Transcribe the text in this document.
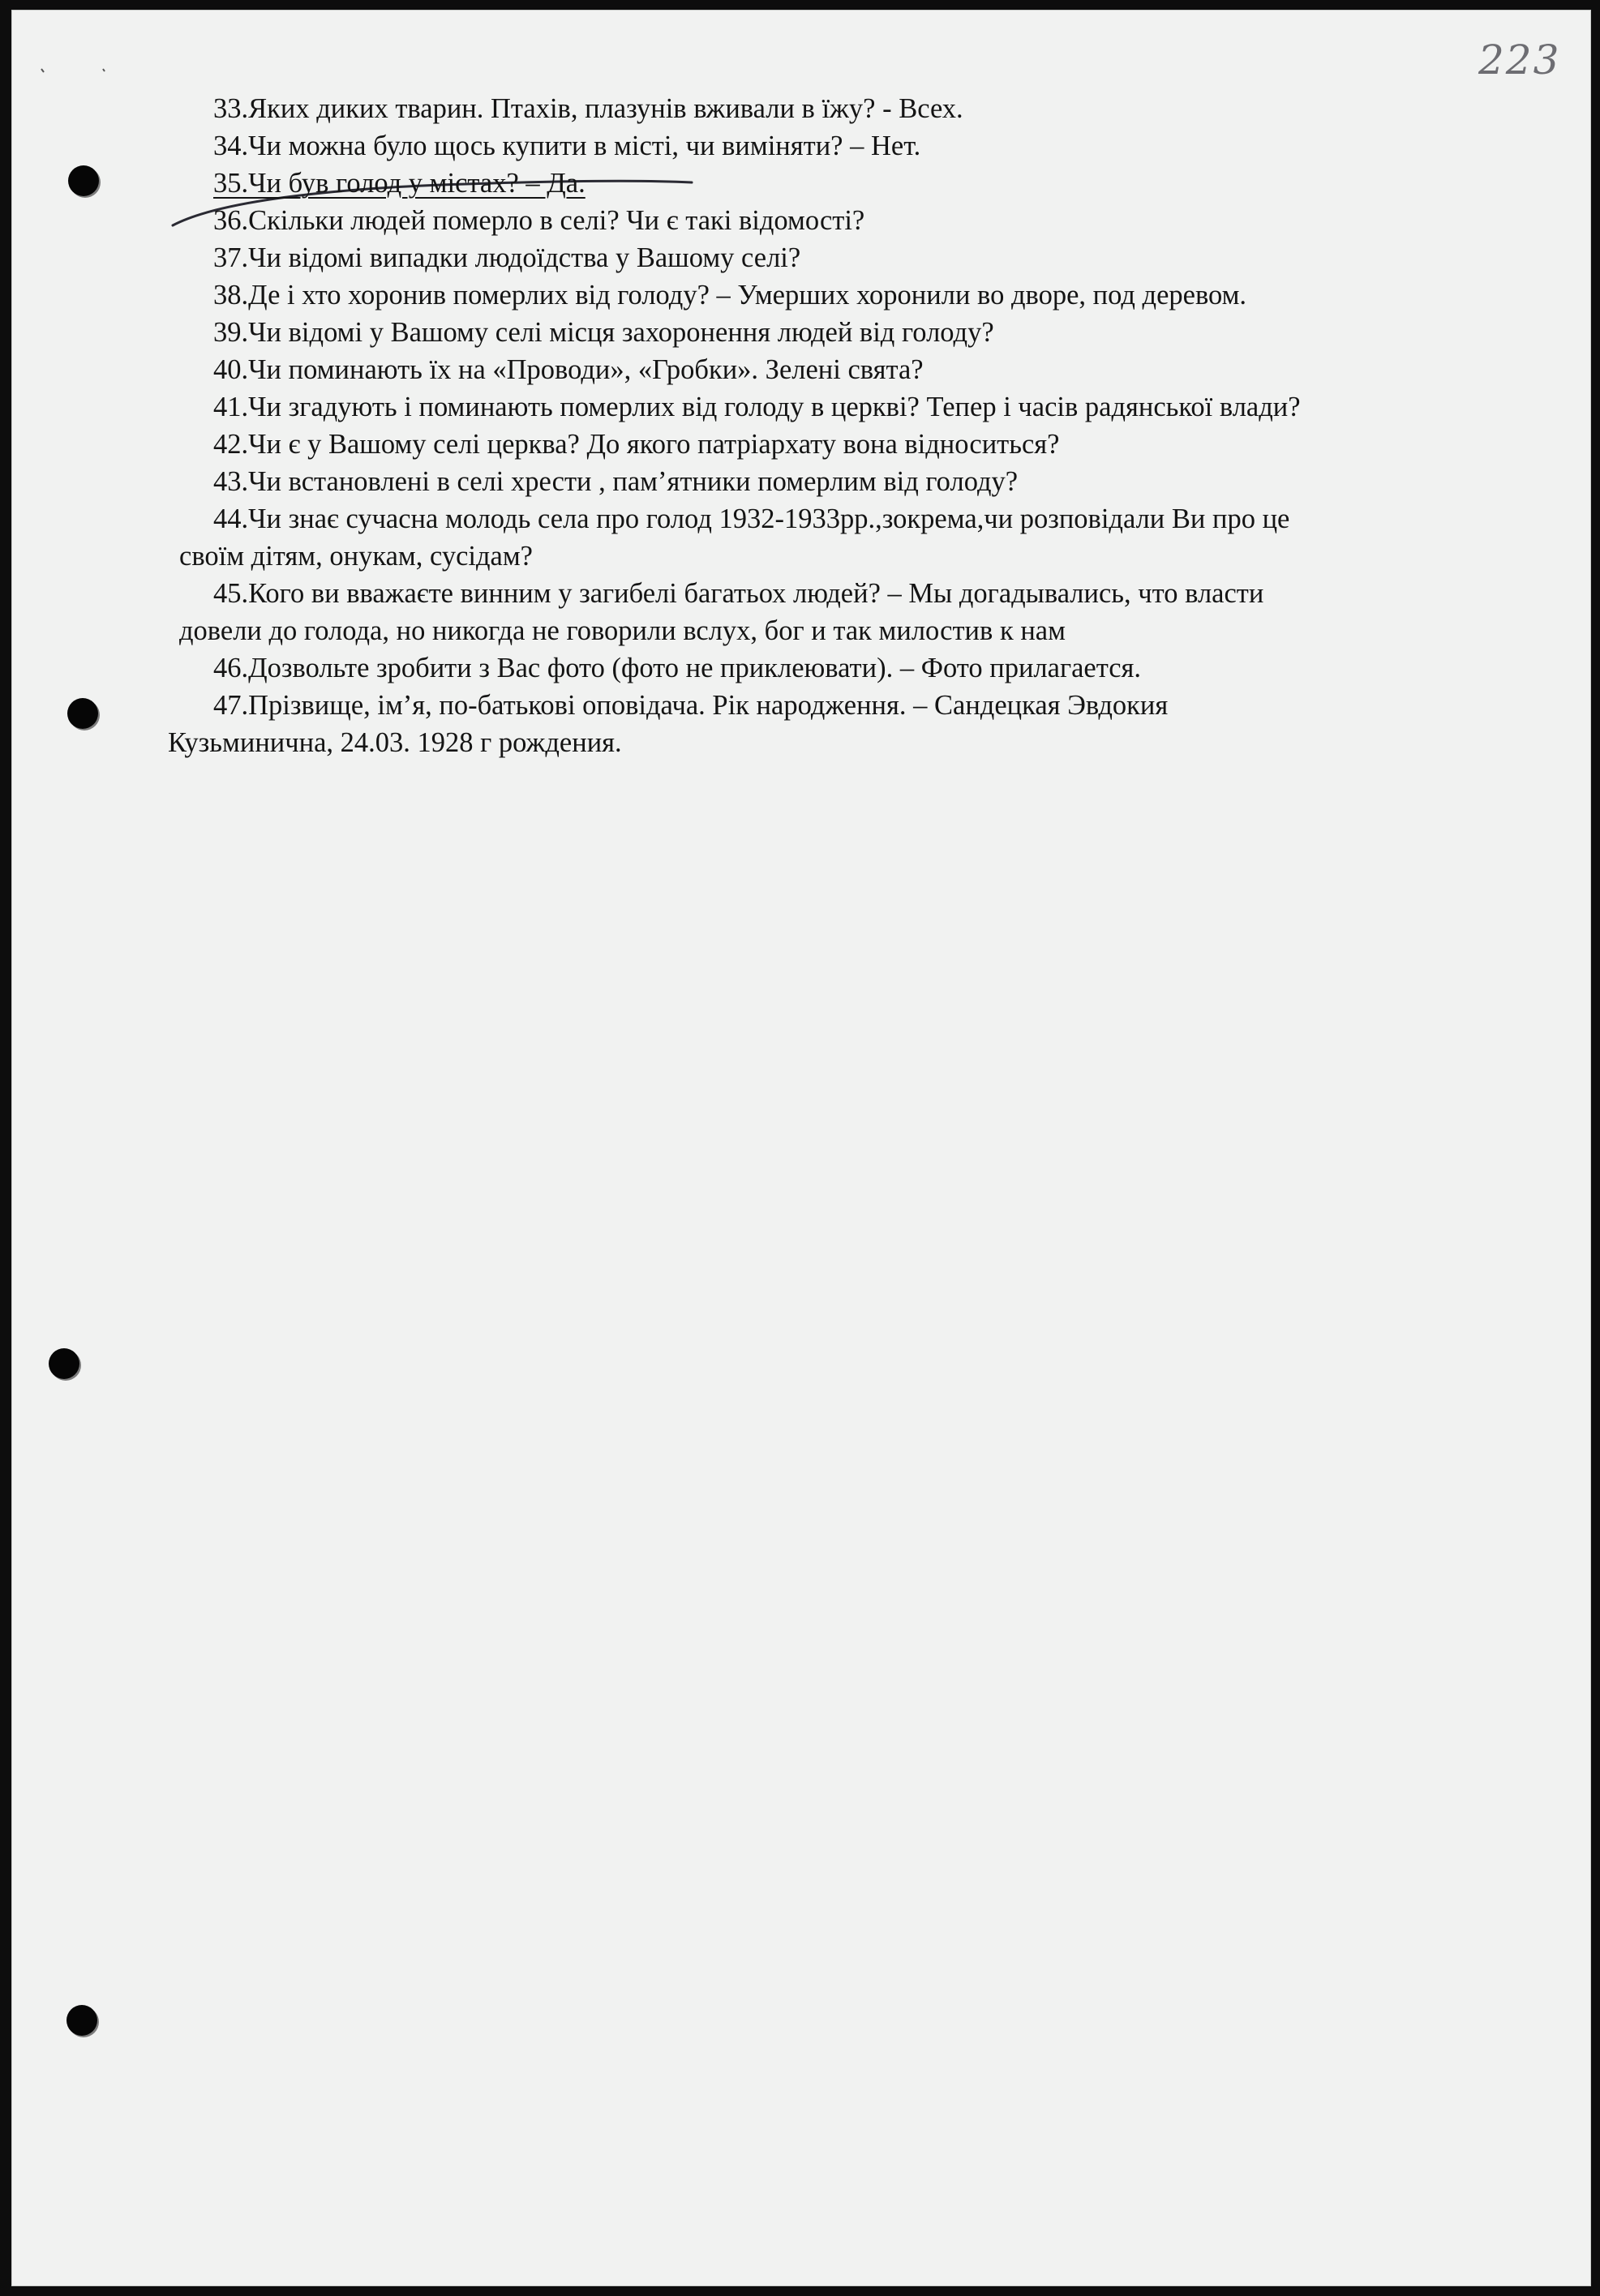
223

33.Яких диких тварин. Птахів, плазунів вживали в їжу? - Всех.

34.Чи можна було щось купити в місті, чи виміняти? – Нет.

35.Чи був голод у містах? – Да.

36.Скільки людей померло в селі? Чи є такі відомості?

37.Чи відомі випадки людоїдства у Вашому селі?

38.Де і хто хоронив померлих від голоду? – Умерших хоронили во дворе, под деревом.

39.Чи відомі у Вашому селі місця захоронення людей від голоду?

40.Чи поминають їх на «Проводи», «Гробки». Зелені свята?

41.Чи згадують і поминають померлих від голоду в церкві? Тепер і часів радянської влади?

42.Чи є у Вашому селі церква? До якого патріархату вона відноситься?

43.Чи встановлені в селі хрести , пам’ятники померлим від голоду?

44.Чи знає сучасна молодь села про голод 1932-1933рр.,зокрема,чи розповідали Ви про це

своїм дітям, онукам, сусідам?

45.Кого ви вважаєте винним у загибелі багатьох людей? – Мы догадывались, что власти

довели до голода, но никогда не говорили вслух, бог и так милостив к нам

46.Дозвольте зробити з Вас фото (фото не приклеювати). – Фото прилагается.

47.Прізвище, ім’я, по-батькові оповідача. Рік народження. – Сандецкая Эвдокия

Кузьминична, 24.03. 1928 г рождения.
